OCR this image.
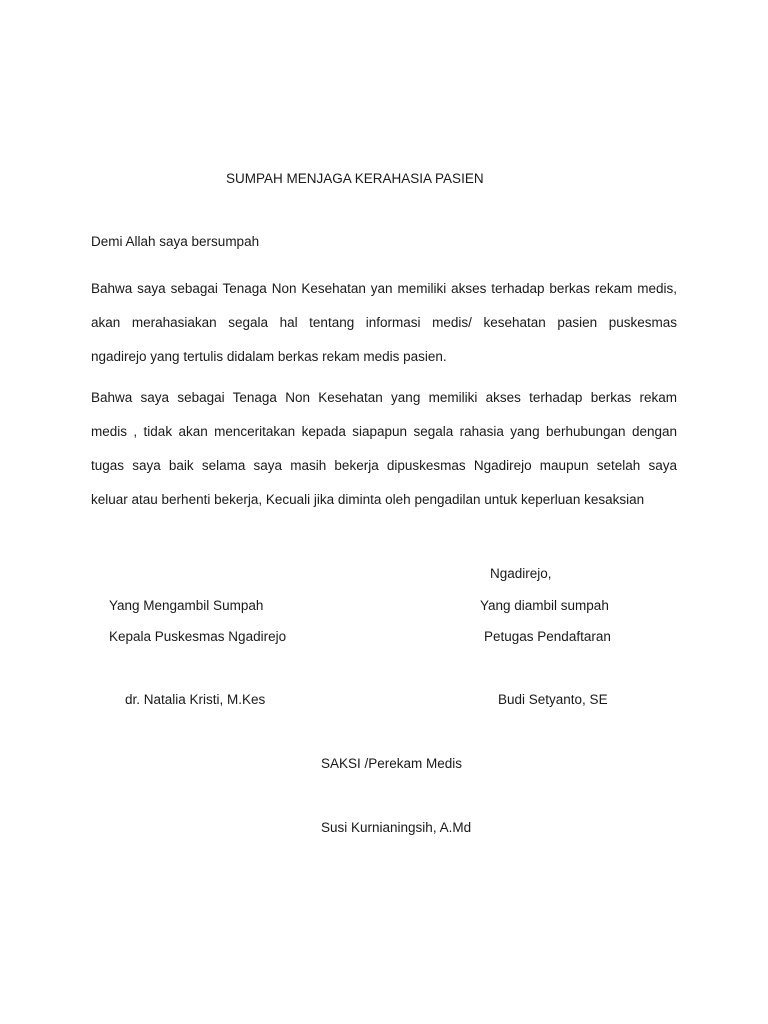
SUMPAH MENJAGA KERAHASIA PASIEN
Demi Allah saya bersumpah
Bahwa saya sebagai Tenaga Non Kesehatan yan memiliki akses terhadap berkas rekam medis,
akan merahasiakan segala hal tentang informasi medis/ kesehatan pasien puskesmas
ngadirejo yang tertulis didalam berkas rekam medis pasien.
Bahwa saya sebagai Tenaga Non Kesehatan yang memiliki akses terhadap berkas rekam
medis , tidak akan menceritakan kepada siapapun segala rahasia yang berhubungan dengan
tugas saya baik selama saya masih bekerja dipuskesmas Ngadirejo maupun setelah saya
keluar atau berhenti bekerja, Kecuali jika diminta oleh pengadilan untuk keperluan kesaksian
Ngadirejo,
Yang Mengambil Sumpah	Yang diambil sumpah
Kepala Puskesmas Ngadirejo	Petugas Pendaftaran
dr. Natalia Kristi, M.Kes	Budi Setyanto, SE
SAKSI /Perekam Medis
Susi Kurnianingsih, A.Md
